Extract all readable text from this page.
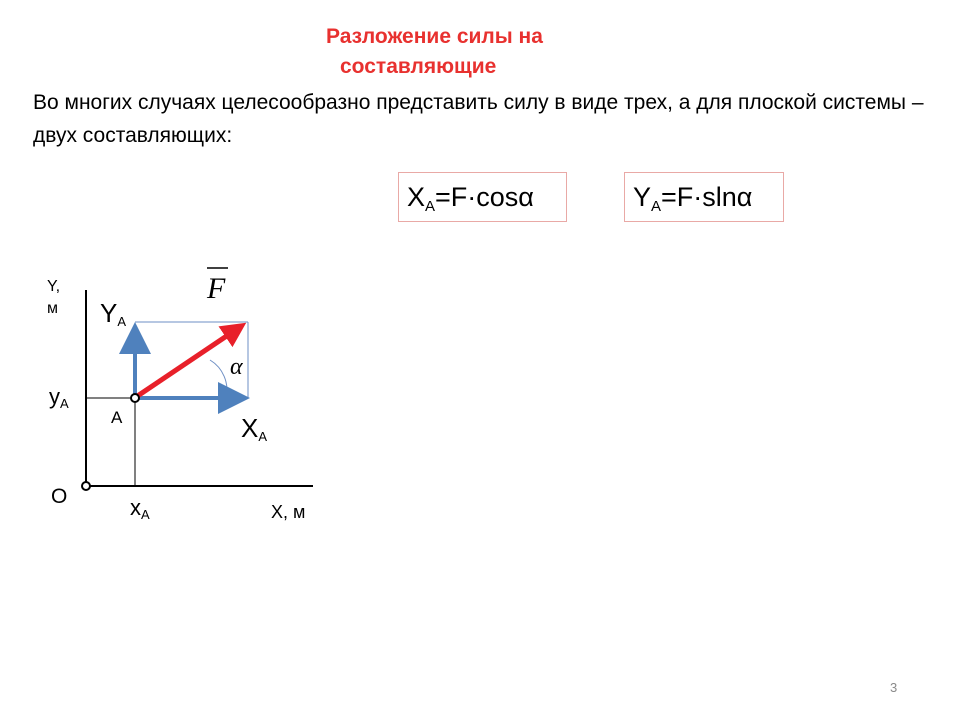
Разложение силы на
составляющие
Во многих случаях целесообразно представить силу в виде трех, а для плоской системы – двух составляющих:
$X_A=F\cdot\cos\alpha$	$Y_A=F\cdot sln\alpha$
Y,
м
X, м
O
A
$y_A$
$x_A$
$Y_A$
$X_A$
F
α
3
